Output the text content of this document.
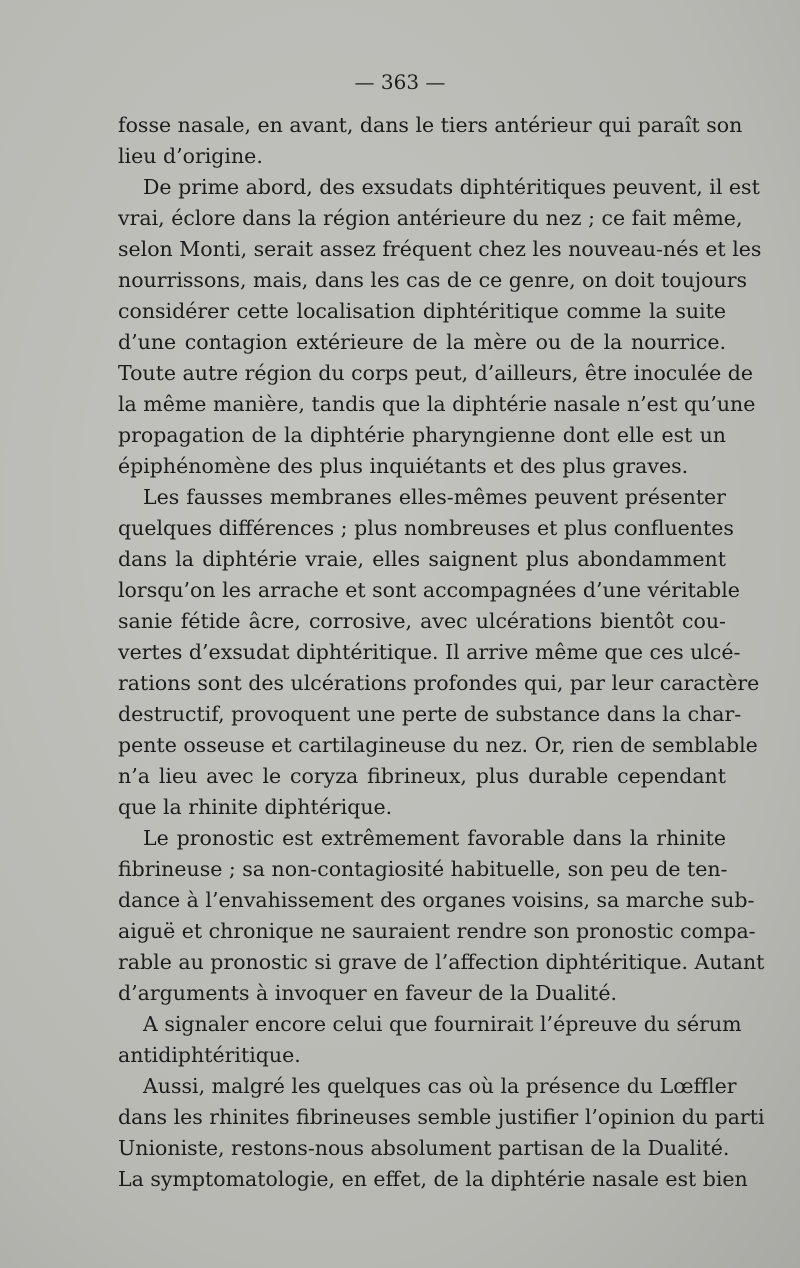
— 363 —
fosse nasale, en avant, dans le tiers antérieur qui paraît son
lieu d’origine.
De prime abord, des exsudats diphtéritiques peuvent, il est
vrai, éclore dans la région antérieure du nez ; ce fait même,
selon Monti, serait assez fréquent chez les nouveau-nés et les
nourrissons, mais, dans les cas de ce genre, on doit toujours
considérer cette localisation diphtéritique comme la suite
d’une contagion extérieure de la mère ou de la nourrice.
Toute autre région du corps peut, d’ailleurs, être inoculée de
la même manière, tandis que la diphtérie nasale n’est qu’une
propagation de la diphtérie pharyngienne dont elle est un
épiphénomène des plus inquiétants et des plus graves.
Les fausses membranes elles-mêmes peuvent présenter
quelques différences ; plus nombreuses et plus confluentes
dans la diphtérie vraie, elles saignent plus abondamment
lorsqu’on les arrache et sont accompagnées d’une véritable
sanie fétide âcre, corrosive, avec ulcérations bientôt cou-
vertes d’exsudat diphtéritique. Il arrive même que ces ulcé-
rations sont des ulcérations profondes qui, par leur caractère
destructif, provoquent une perte de substance dans la char-
pente osseuse et cartilagineuse du nez. Or, rien de semblable
n’a lieu avec le coryza fibrineux, plus durable cependant
que la rhinite diphtérique.
Le pronostic est extrêmement favorable dans la rhinite
fibrineuse ; sa non-contagiosité habituelle, son peu de ten-
dance à l’envahissement des organes voisins, sa marche sub-
aiguë et chronique ne sauraient rendre son pronostic compa-
rable au pronostic si grave de l’affection diphtéritique. Autant
d’arguments à invoquer en faveur de la Dualité.
A signaler encore celui que fournirait l’épreuve du sérum
antidiphtéritique.
Aussi, malgré les quelques cas où la présence du Lœffler
dans les rhinites fibrineuses semble justifier l’opinion du parti
Unioniste, restons-nous absolument partisan de la Dualité.
La symptomatologie, en effet, de la diphtérie nasale est bien
